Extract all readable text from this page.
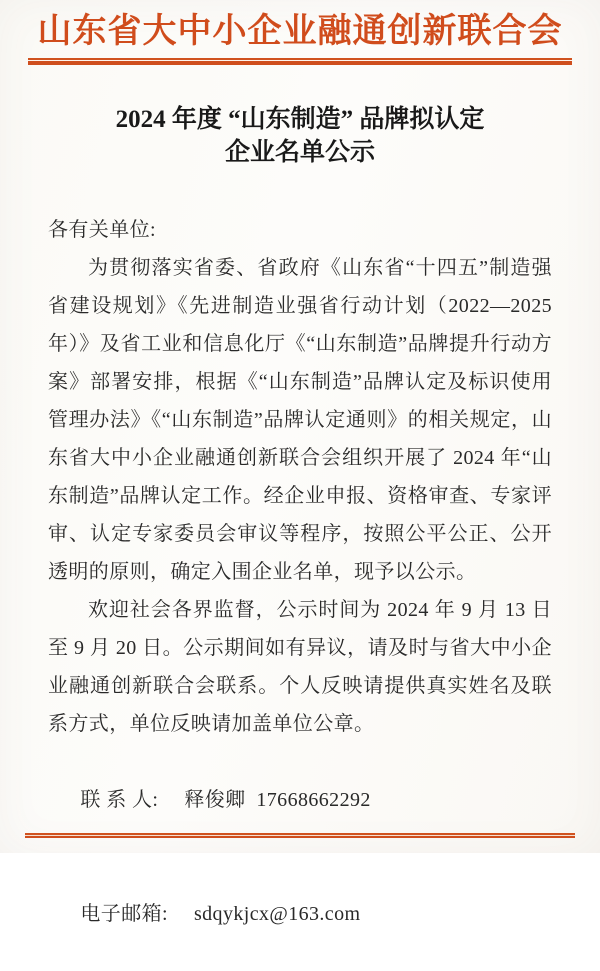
山东省大中小企业融通创新联合会
2024 年度 “山东制造” 品牌拟认定
企业名单公示

各有关单位:

为贯彻落实省委、省政府《山东省“十四五”制造强省建设规划》《先进制造业强省行动计划（2022—2025 年）》及省工业和信息化厅《“山东制造”品牌提升行动方案》部署安排，根据《“山东制造”品牌认定及标识使用管理办法》《“山东制造”品牌认定通则》的相关规定，山东省大中小企业融通创新联合会组织开展了 2024 年“山东制造”品牌认定工作。经企业申报、资格审查、专家评审、认定专家委员会审议等程序，按照公平公正、公开透明的原则，确定入围企业名单，现予以公示。

欢迎社会各界监督，公示时间为 2024 年 9 月 13 日至 9 月 20 日。公示期间如有异议，请及时与省大中小企业融通创新联合会联系。个人反映请提供真实姓名及联系方式，单位反映请加盖单位公章。

联 系 人: 释俊卿  17668662292

电子邮箱: sdqykjcx@163.com
